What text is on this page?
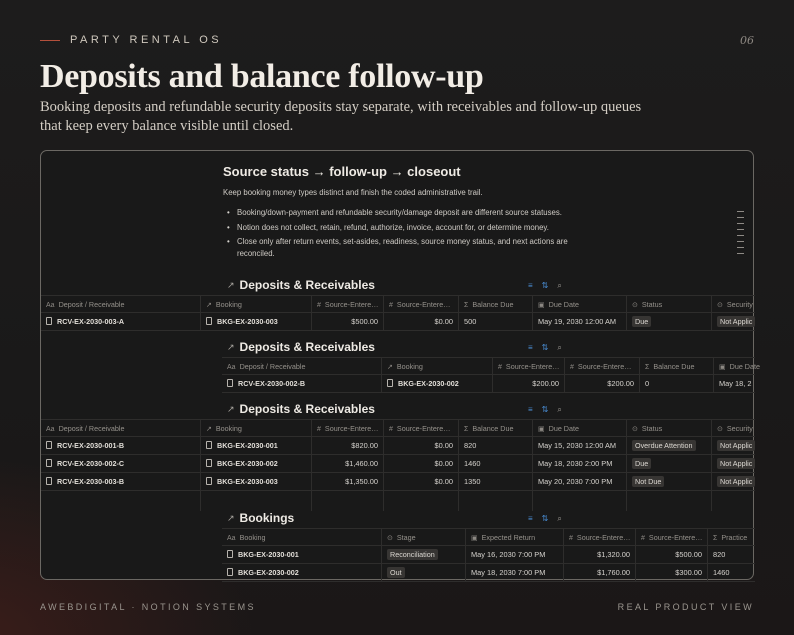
PARTY RENTAL OS	06
Deposits and balance follow-up

Booking deposits and refundable security deposits stay separate, with receivables and follow-up queues that keep every balance visible until closed.

Source status → follow-up → closeout
Keep booking money types distinct and finish the coded administrative trail.
• Booking/down-payment and refundable security/damage deposit are different source statuses.
• Notion does not collect, retain, refund, authorize, invoice, account for, or determine money.
• Close only after return events, set-asides, readiness, source money status, and next actions are reconciled.
↗ Deposits & Receivables	≡ ⇅ ⌕
Aa Deposit / Receivable	↗ Booking	# Source-Entere…	# Source-Entere…	Σ Balance Due	▣ Due Date	⊙ Status	⊙ Security
RCV-EX-2030-003-A	BKG-EX-2030-003	$500.00	$0.00	500	May 19, 2030 12:00 AM	Due	Not Applic
↗ Deposits & Receivables	≡ ⇅ ⌕
Aa Deposit / Receivable	↗ Booking	# Source-Entere…	# Source-Entere…	Σ Balance Due	▣ Due Date
RCV-EX-2030-002-B	BKG-EX-2030-002	$200.00	$200.00	0	May 18, 2
↗ Deposits & Receivables	≡ ⇅ ⌕
Aa Deposit / Receivable	↗ Booking	# Source-Entere…	# Source-Entere…	Σ Balance Due	▣ Due Date	⊙ Status	⊙ Security
RCV-EX-2030-001-B	BKG-EX-2030-001	$820.00	$0.00	820	May 15, 2030 12:00 AM	Overdue Attention	Not Applic
RCV-EX-2030-002-C	BKG-EX-2030-002	$1,460.00	$0.00	1460	May 18, 2030 2:00 PM	Due	Not Applic
RCV-EX-2030-003-B	BKG-EX-2030-003	$1,350.00	$0.00	1350	May 20, 2030 7:00 PM	Not Due	Not Applic
↗ Bookings	≡ ⇅ ⌕
Aa Booking	⊙ Stage	▣ Expected Return	# Source-Entere…	# Source-Entere…	Σ Practice
BKG-EX-2030-001	Reconciliation	May 16, 2030 7:00 PM	$1,320.00	$500.00	820
BKG-EX-2030-002	Out	May 18, 2030 7:00 PM	$1,760.00	$300.00	1460
AWEBDIGITAL · NOTION SYSTEMS	REAL PRODUCT VIEW
